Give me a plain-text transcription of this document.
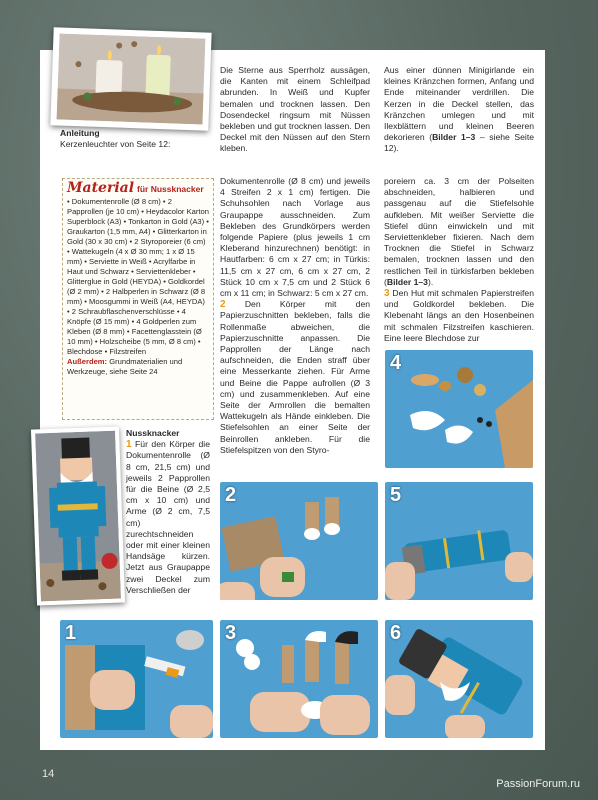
Anleitung

Kerzenleuchter von Seite 12:

Die Sterne aus Sperrholz aussägen, die Kanten mit einem Schleifpad abrunden. In Weiß und Kupfer bemalen und trocknen lassen. Den Dosendeckel ringsum mit Nüssen bekleben und gut trocknen lassen. Den Deckel mit den Nüssen auf den Stern kleben.

Aus einer dünnen Minigirlande ein kleines Kränzchen formen, Anfang und Ende miteinander verdrillen. Die Kerzen in die Deckel stellen, das Kränzchen umlegen und mit Ilexblättern und kleinen Beeren dekorieren (Bilder 1–3 – siehe Seite 12).

Material für Nussknacker
• Dokumentenrolle (Ø 8 cm) • 2 Papprollen (je 10 cm) • Heydacolor Karton Superblock (A3) • Tonkarton in Gold (A3) • Graukarton (1,5 mm, A4) • Glitterkarton in Gold (30 x 30 cm) • 2 Styroporeier (6 cm) • Wattekugeln (4 x Ø 30 mm; 1 x Ø 15 mm) • Serviette in Weiß • Acrylfarbe in Haut und Schwarz • Serviettenkleber • Glitterglue in Gold (HEYDA) • Goldkordel (Ø 2 mm) • 2 Halbperlen in Schwarz (Ø 8 mm) • Moosgummi in Weiß (A4, HEYDA) • 2 Schraubflaschenverschlüsse • 4 Knöpfe (Ø 15 mm) • 4 Goldperlen zum Kleben (Ø 8 mm) • Facettenglasstein (Ø 10 mm) • Holzscheibe (5 mm, Ø 8 cm) • Blechdose • Filzstreifen
Außerdem: Grundmaterialien und Werkzeuge, siehe Seite 24

Nussknacker

1 Für den Körper die Dokumentenrolle (Ø 8 cm, 21,5 cm) und jeweils 2 Papprollen für die Beine (Ø 2,5 cm x 10 cm) und Arme (Ø 2 cm, 7,5 cm) zurechtschneiden oder mit einer kleinen Handsäge kürzen. Jetzt aus Graupappe zwei Deckel zum Verschließen der

Dokumentenrolle (Ø 8 cm) und jeweils 4 Streifen 2 x 1 cm) fertigen. Die Schuhsohlen nach Vorlage aus Graupappe ausschneiden. Zum Bekleben des Grundkörpers werden folgende Papiere (plus jeweils 1 cm Kleberand hinzurechnen) benötigt: in Hautfarben: 6 cm x 27 cm; in Türkis: 11,5 cm x 27 cm, 6 cm x 27 cm, 2 Stück 10 cm x 7,5 cm und 2 Stück 6 cm x 11 cm; in Schwarz: 5 cm x 27 cm.

2 Den Körper mit den Papierzuschnitten bekleben, falls die Rollenmaße abweichen, die Papierzuschnitte anpassen. Die Papprollen der Länge nach aufschneiden, die Enden straff über eine Messerkante ziehen. Für Arme und Beine die Pappe aufrollen (Ø 3 cm) und zusammenkleben. Auf eine Seite der Armrollen die bemalten Wattekugeln als Hände einkleben. Die Stiefelsohlen an einer Seite der Beinrollen ankleben. Für die Stiefelspitzen von den Styro-

poreiern ca. 3 cm der Polseiten abschneiden, halbieren und passgenau auf die Stiefelsohle aufkleben. Mit weißer Serviette die Stiefel dünn einwickeln und mit Serviettenkleber fixieren. Nach dem Trocknen die Stiefel in Schwarz bemalen, trocknen lassen und den restlichen Teil in türkisfarben bekleben (Bilder 1–3).

3 Den Hut mit schmalen Papierstreifen und Goldkordel bekleben. Die Klebenaht längs an den Hosenbeinen mit schmalen Filzstreifen kaschieren. Eine leere Blechdose zur

4
2	5
1	3	6
14
PassionForum.ru
